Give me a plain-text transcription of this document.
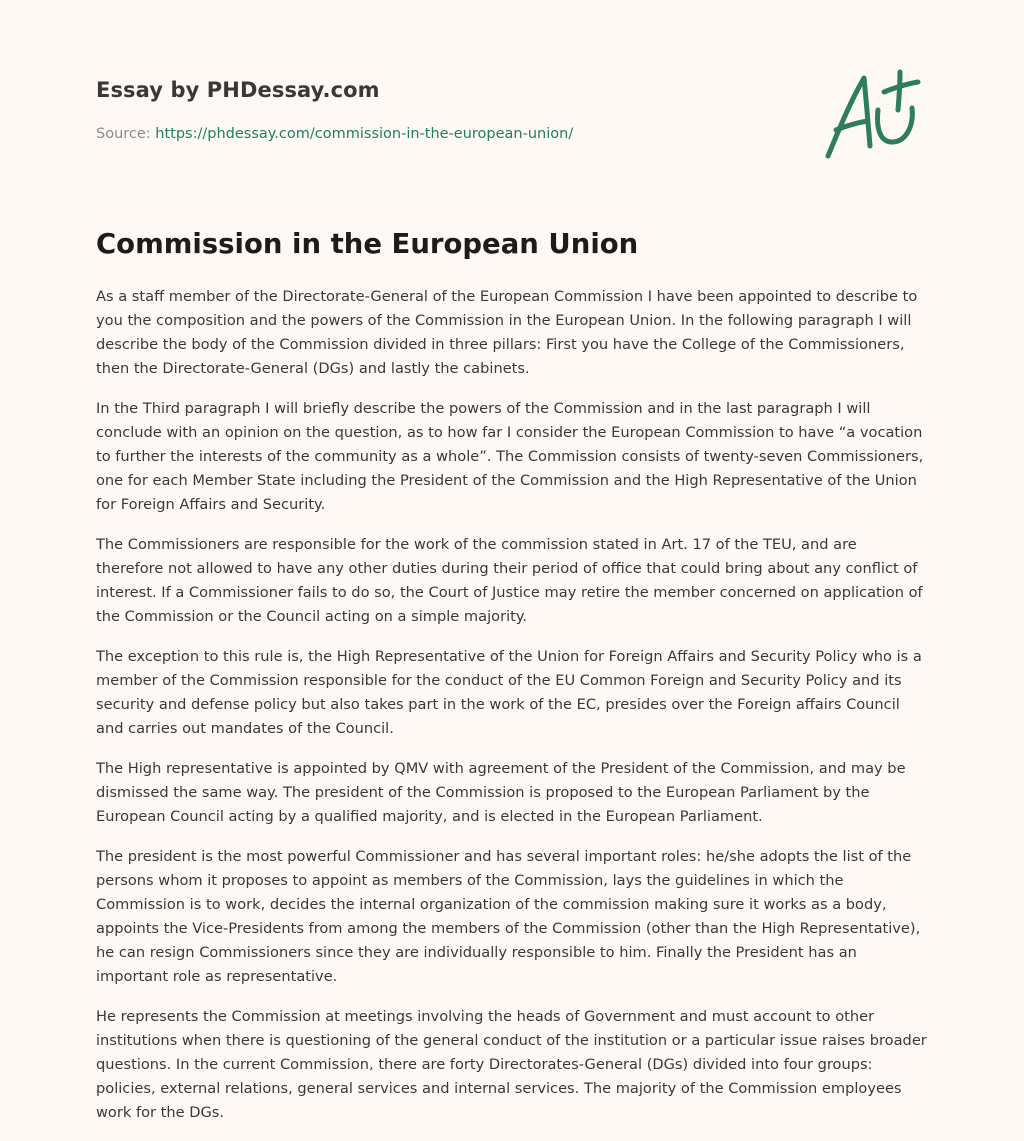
Essay by PHDessay.com

Source: https://phdessay.com/commission-in-the-european-union/
Commission in the European Union

As a staff member of the Directorate-General of the European Commission I have been appointed to describe to you the composition and the powers of the Commission in the European Union. In the following paragraph I will describe the body of the Commission divided in three pillars: First you have the College of the Commissioners, then the Directorate-General (DGs) and lastly the cabinets.

In the Third paragraph I will briefly describe the powers of the Commission and in the last paragraph I will conclude with an opinion on the question, as to how far I consider the European Commission to have “a vocation to further the interests of the community as a whole”. The Commission consists of twenty-seven Commissioners, one for each Member State including the President of the Commission and the High Representative of the Union for Foreign Affairs and Security.

The Commissioners are responsible for the work of the commission stated in Art. 17 of the TEU, and are therefore not allowed to have any other duties during their period of office that could bring about any conflict of interest. If a Commissioner fails to do so, the Court of Justice may retire the member concerned on application of the Commission or the Council acting on a simple majority.

The exception to this rule is, the High Representative of the Union for Foreign Affairs and Security Policy who is a member of the Commission responsible for the conduct of the EU Common Foreign and Security Policy and its security and defense policy but also takes part in the work of the EC, presides over the Foreign affairs Council and carries out mandates of the Council.

The High representative is appointed by QMV with agreement of the President of the Commission, and may be dismissed the same way. The president of the Commission is proposed to the European Parliament by the European Council acting by a qualified majority, and is elected in the European Parliament.

The president is the most powerful Commissioner and has several important roles: he/she adopts the list of the persons whom it proposes to appoint as members of the Commission, lays the guidelines in which the Commission is to work, decides the internal organization of the commission making sure it works as a body, appoints the Vice-Presidents from among the members of the Commission (other than the High Representative), he can resign Commissioners since they are individually responsible to him. Finally the President has an important role as representative.

He represents the Commission at meetings involving the heads of Government and must account to other institutions when there is questioning of the general conduct of the institution or a particular issue raises broader questions. In the current Commission, there are forty Directorates-General (DGs) divided into four groups: policies, external relations, general services and internal services. The majority of the Commission employees work for the DGs.
